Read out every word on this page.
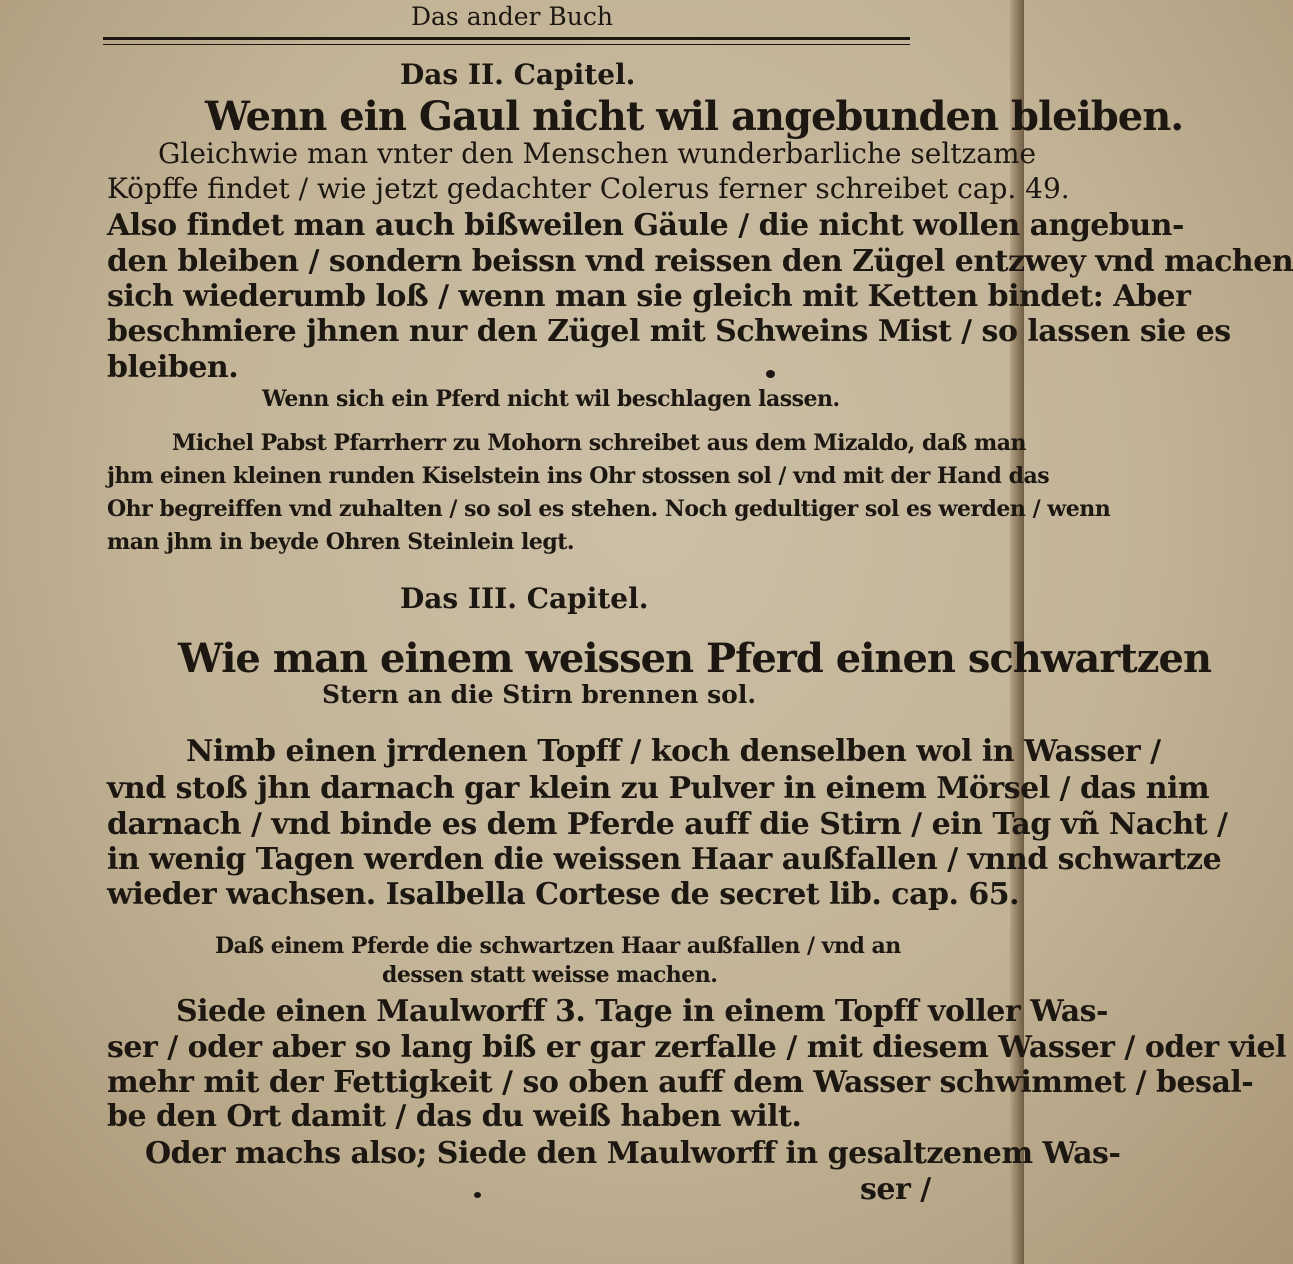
Das ander Buch
Das II. Capitel.
Wenn ein Gaul nicht wil angebunden bleiben.
Gleichwie man vnter den Menschen wunderbarliche seltzame
Köpffe findet / wie jetzt gedachter Colerus ferner schreibet cap. 49.
Also findet man auch bißweilen Gäule / die nicht wollen angebun-
den bleiben / sondern beissn vnd reissen den Zügel entzwey vnd machen
sich wiederumb loß / wenn man sie gleich mit Ketten bindet: Aber
beschmiere jhnen nur den Zügel mit Schweins Mist / so lassen sie es
bleiben.
Wenn sich ein Pferd nicht wil beschlagen lassen.
Michel Pabst Pfarrherr zu Mohorn schreibet aus dem Mizaldo, daß man
jhm einen kleinen runden Kiselstein ins Ohr stossen sol / vnd mit der Hand das
Ohr begreiffen vnd zuhalten / so sol es stehen. Noch gedultiger sol es werden / wenn
man jhm in beyde Ohren Steinlein legt.
Das III. Capitel.
Wie man einem weissen Pferd einen schwartzen
Stern an die Stirn brennen sol.
Nimb einen jrrdenen Topff / koch denselben wol in Wasser /
vnd stoß jhn darnach gar klein zu Pulver in einem Mörsel / das nim
darnach / vnd binde es dem Pferde auff die Stirn / ein Tag vñ Nacht /
in wenig Tagen werden die weissen Haar außfallen / vnnd schwartze
wieder wachsen. Isalbella Cortese de secret lib. cap. 65.
Daß einem Pferde die schwartzen Haar außfallen / vnd an
dessen statt weisse machen.
Siede einen Maulworff 3. Tage in einem Topff voller Was-
ser / oder aber so lang biß er gar zerfalle / mit diesem Wasser / oder viel
mehr mit der Fettigkeit / so oben auff dem Wasser schwimmet / besal-
be den Ort damit / das du weiß haben wilt.
Oder machs also; Siede den Maulworff in gesaltzenem Was-
ser /
